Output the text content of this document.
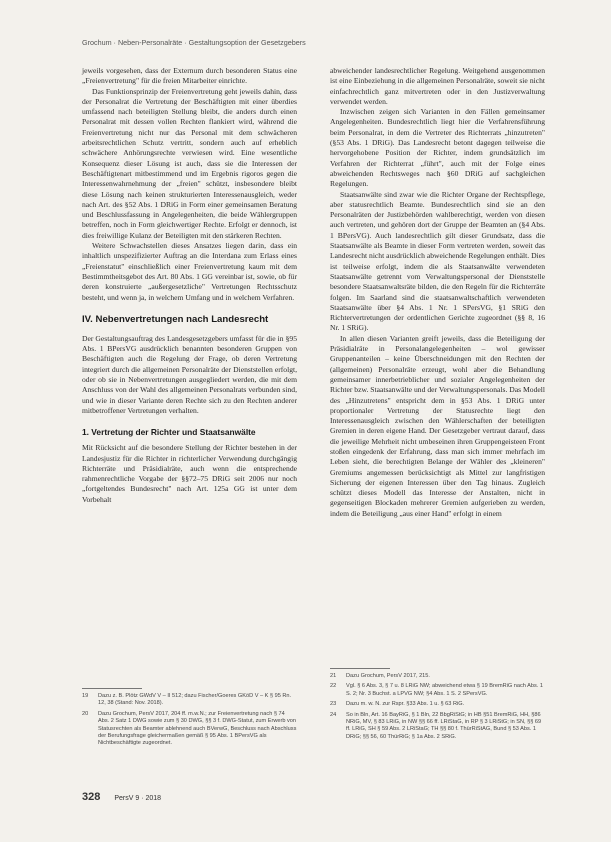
Grochum · Neben-Personalräte · Gestaltungsoption der Gesetzgebers

jeweils vorgesehen, dass der Externum durch besonderen Status eine „Freienvertretung" für die freien Mitarbeiter einrichte.

Das Funktionsprinzip der Freienvertretung geht jeweils dahin, dass der Personalrat die Vertretung der Beschäftigten mit einer überdies umfassend nach beteiligten Stellung bleibt, die anders durch einen Personalrat mit dessen vollen Rechten flankiert wird, während die Freienvertretung nicht nur das Personal mit dem schwächeren arbeitsrechtlichen Schutz vertritt, sondern auch auf erheblich schwächere Anhörungsrechte verwiesen wird. Eine wesentliche Konsequenz dieser Lösung ist auch, dass sie die Interessen der Beschäftigtenart mitbestimmend und im Ergebnis rigoros gegen die Interessenwahrnehmung der „freien" schützt, insbesondere bleibt diese Lösung nach keinen strukturierten Interessenausgleich, weder nach Art. des §52 Abs. 1 DRiG in Form einer gemeinsamen Beratung und Beschlussfassung in Angelegenheiten, die beide Wählergruppen betreffen, noch in Form gleichwertiger Rechte. Erfolgt er dennoch, ist dies freiwillige Kulanz der Beteiligten mit den stärkeren Rechten.

Weitere Schwachstellen dieses Ansatzes liegen darin, dass ein inhaltlich unspezifizierter Auftrag an die Interdana zum Erlass eines „Freienstatut" einschließlich einer Freienvertretung kaum mit dem Bestimmtheitsgebot des Art. 80 Abs. 1 GG vereinbar ist, sowie, ob für deren konstruierte „außergesetzliche" Vertretungen Rechtsschutz besteht, und wenn ja, in welchem Umfang und in welchem Verfahren.

IV. Nebenvertretungen nach Landesrecht

Der Gestaltungsauftrag des Landesgesetzgebers umfasst für die in §95 Abs. 1 BPersVG ausdrücklich benannten besonderen Gruppen von Beschäftigten auch die Regelung der Frage, ob deren Vertretung integriert durch die allgemeinen Personalräte der Dienststellen erfolgt, oder ob sie in Nebenvertretungen ausgegliedert werden, die mit dem Anschluss von der Wahl des allgemeinen Personalrats verbunden sind, und wie in dieser Variante deren Rechte sich zu den Rechten anderer mitbetroffener Vertretungen verhalten.

1. Vertretung der Richter und Staatsanwälte

Mit Rücksicht auf die besondere Stellung der Richter bestehen in der Landesjustiz für die Richter in richterlicher Verwendung durchgängig Richterräte und Präsidialräte, auch wenn die entsprechende rahmenrechtliche Vorgabe der §§72–75 DRiG seit 2006 nur noch „fortgeltendes Bundesrecht" nach Art. 125a GG ist unter dem Vorbehalt

abweichender landesrechtlicher Regelung. Weitgehend ausgenommen ist eine Einbeziehung in die allgemeinen Personalräte, soweit sie nicht einfachrechtlich ganz mitvertreten oder in den Justizverwaltung verwendet werden.

Inzwischen zeigen sich Varianten in den Fällen gemeinsamer Angelegenheiten. Bundesrechtlich liegt hier die Verfahrensführung beim Personalrat, in dem die Vertreter des Richterrats „hinzutreten" (§53 Abs. 1 DRiG). Das Landesrecht betont dagegen teilweise die hervorgehobene Position der Richter, indem grundsätzlich im Verfahren der Richterrat „führt", auch mit der Folge eines abweichenden Rechtsweges nach §60 DRiG auf sachgleichen Regelungen.

Staatsanwälte sind zwar wie die Richter Organe der Rechtspflege, aber statusrechtlich Beamte. Bundesrechtlich sind sie an den Personalräten der Justizbehörden wahlberechtigt, werden von diesen auch vertreten, und gehören dort der Gruppe der Beamten an (§4 Abs. 1 BPersVG). Auch landesrechtlich gilt dieser Grundsatz, dass die Staatsanwälte als Beamte in dieser Form vertreten werden, soweit das Landesrecht nicht ausdrücklich abweichende Regelungen enthält. Dies ist teilweise erfolgt, indem die als Staatsanwälte verwendeten Staatsanwälte getrennt vom Verwaltungspersonal der Dienststelle besondere Staatsanwaltsräte bilden, die den Regeln für die Richterräte folgen. Im Saarland sind die staatsanwaltschaftlich verwendeten Staatsanwälte über §4 Abs. 1 Nr. 1 SPersVG, §1 SRiG den Richtervertretungen der ordentlichen Gerichte zugeordnet (§§ 8, 16 Nr. 1 SRiG).

In allen diesen Varianten greift jeweils, dass die Beteiligung der Präsidialräte in Personalangelegenheiten – wol gewisser Gruppenanteilen – keine Überschneidungen mit den Rechten der (allgemeinen) Personalräte erzeugt, wohl aber die Behandlung gemeinsamer innerbetrieblicher und sozialer Angelegenheiten der Richter bzw. Staatsanwälte und der Verwaltungspersonals. Das Modell des „Hinzutretens" entspricht dem in §53 Abs. 1 DRiG unter proportionaler Vertretung der Statusrechte liegt den Interessenausgleich zwischen den Wählerschaften der beteiligten Gremien in deren eigene Hand. Der Gesetzgeber vertraut darauf, dass die jeweilige Mehrheit nicht umbeseinen ihren Gruppengeisteen Front stoßen eingedenk der Erfahrung, dass man sich immer mehrfach im Leben sieht, die berechtigten Belange der Wähler des „kleineren" Gremiums angemessen berücksichtigt als Mittel zur langfristigen Sicherung der eigenen Interessen über den Tag hinaus. Zugleich schützt dieses Modell das Interesse der Anstalten, nicht in gegenseitigen Blockaden mehrerer Gremien aufgerieben zu werden, indem die Beteiligung „aus einer Hand" erfolgt in einem

19	Dazu z. B. Plötz GWdV V – II 512; dazu Fischer/Goeres GKöD V – K § 95 Rn. 12, 38 (Stand: Nov. 2018).
20	Dazu Grochum, PersV 2017, 204 ff. m.w.N.; zur Freienvertretung nach § 74 Abs. 2 Satz 1 DWG sowie zum § 30 DWG, §§ 3 f. DWG-Statut, zum Erwerb von Statusrechten als Beamter ablehnend auch BVerwG, Beschluss nach Abschluss der Berufungsfrage gleichermaßen gemäß § 95 Abs. 1 BPersVG als Nichtbeschäftigte zugeordnet.
21	Dazu Grochum, PersV 2017, 215.
22	Vgl. § 6 Abs. 3, § 7 u. 8 LRiG NW; abweichend etwa § 19 BremRiG nach Abs. 1 S. 2; Nr. 3 Buchst. a LPVG NW; §4 Abs. 1 S. 2 SPersVG.
23	Dazu m. w. N. zur Rspr. §33 Abs. 1 u. § 63 RiG.
24	So in Bln, Art. 16 BayRiG, § 1 Bln, 22 BbgRiStG; in HB §51 BremRiG, HH, §86 NRiG, MV, § 83 LRiG, in NW §§ 66 ff. LRiStaG, in RP § 3 LRiStG; in SN, §§ 69 ff. LRiG, SH § 59 Abs. 2 LRiStaG; TH §§ 80 f. ThürRiStAG, Bund § 53 Abs. 1 DRiG; §§ 56, 60 ThürRiG; § 1a Abs. 2 SRiG.
328 PersV 9 · 2018
